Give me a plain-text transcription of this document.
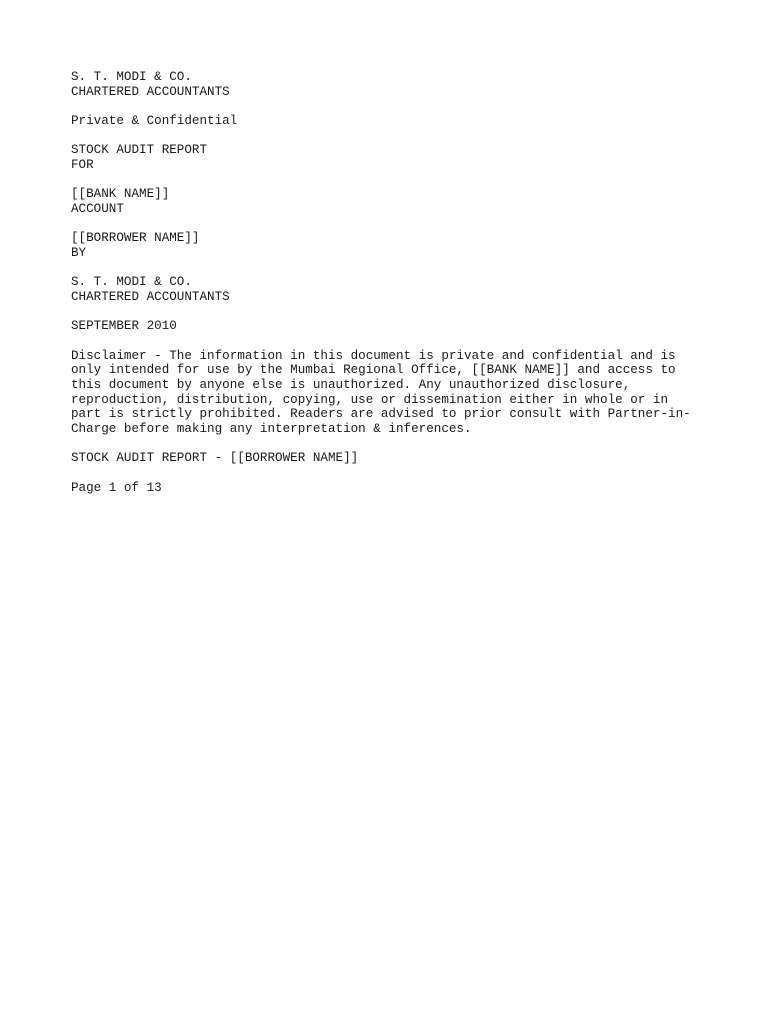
S. T. MODI & CO.
CHARTERED ACCOUNTANTS
Private & Confidential
STOCK AUDIT REPORT
FOR
[[BANK NAME]]
ACCOUNT
[[BORROWER NAME]]
BY
S. T. MODI & CO.
CHARTERED ACCOUNTANTS
SEPTEMBER 2010
Disclaimer - The information in this document is private and confidential and is
only intended for use by the Mumbai Regional Office, [[BANK NAME]] and access to
this document by anyone else is unauthorized. Any unauthorized disclosure,
reproduction, distribution, copying, use or dissemination either in whole or in
part is strictly prohibited. Readers are advised to prior consult with Partner-in-
Charge before making any interpretation & inferences.
STOCK AUDIT REPORT - [[BORROWER NAME]]
Page 1 of 13
